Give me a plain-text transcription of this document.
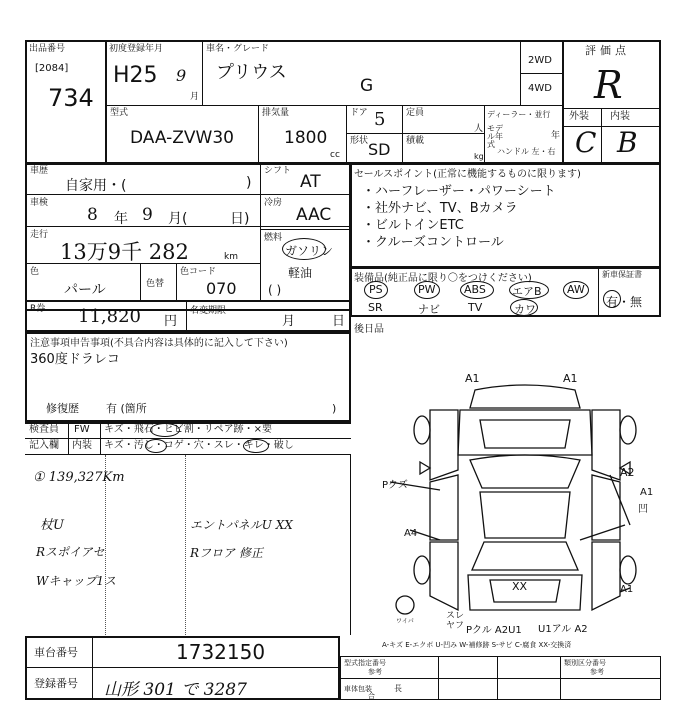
出品番号
[2084]
734
初度登録年月
H25 9
月
車名・グレード
プリウス
G
2WD
4WD
評価点
R
型式
DAA-ZVW30
排気量
1800
cc
ドア 5 定員
人
形状 SD 積載
kg
ディーラー・並行
モデル年式
年
ハンドル 左・右
外装 内装
C B
車歴
自家用・(	)
車検
8 年 9 月(	日)
走行
13万9千 282	km
色
パール	色替
色コード
070
シフト
AT
冷房
AAC
燃料
ガソリン
軽油
( )
R券 11,820 円
名変期限
月	日
注意事項申告事項(不具合内容は具体的に記入して下さい)
360度ドラレコ
修復歴 有 (箇所	)
セールスポイント(正常に機能するものに限ります)
・ハーフレーザー・パワーシート
・社外ナビ、TV、Bカメラ
・ビルトインETC
・クルーズコントロール
装備品(純正品に限り〇をつけください)	新車保証書
有・無
PS	PW	ABS エアB AW
SR	ナビ	TV	カワ
後日品
検査員
記入欄
FW
内装
キズ・飛石・ヒビ割・リペア跡・×要
キズ・汚し・コゲ・穴・スレ・キレ・破し
① 139,327Km
杖U	エントパネルU XX
Rスポイアセ	Rフロア 修正
Wキャップ1ス
A1	A1
A2
A1
凹
Pクズ
A4
XX	A1
スレ
ヤフ Pクル A2U1 U1アル A2
ワイパ
A-キズ E-エクボ U-凹み W-補修跡 S-サビ C-腐食 XX-交換済
車台番号	1732150
登録番号 山形 301 で 3287
型式指定番号
参考
類別区分番号
参考
車体包装	長
合
